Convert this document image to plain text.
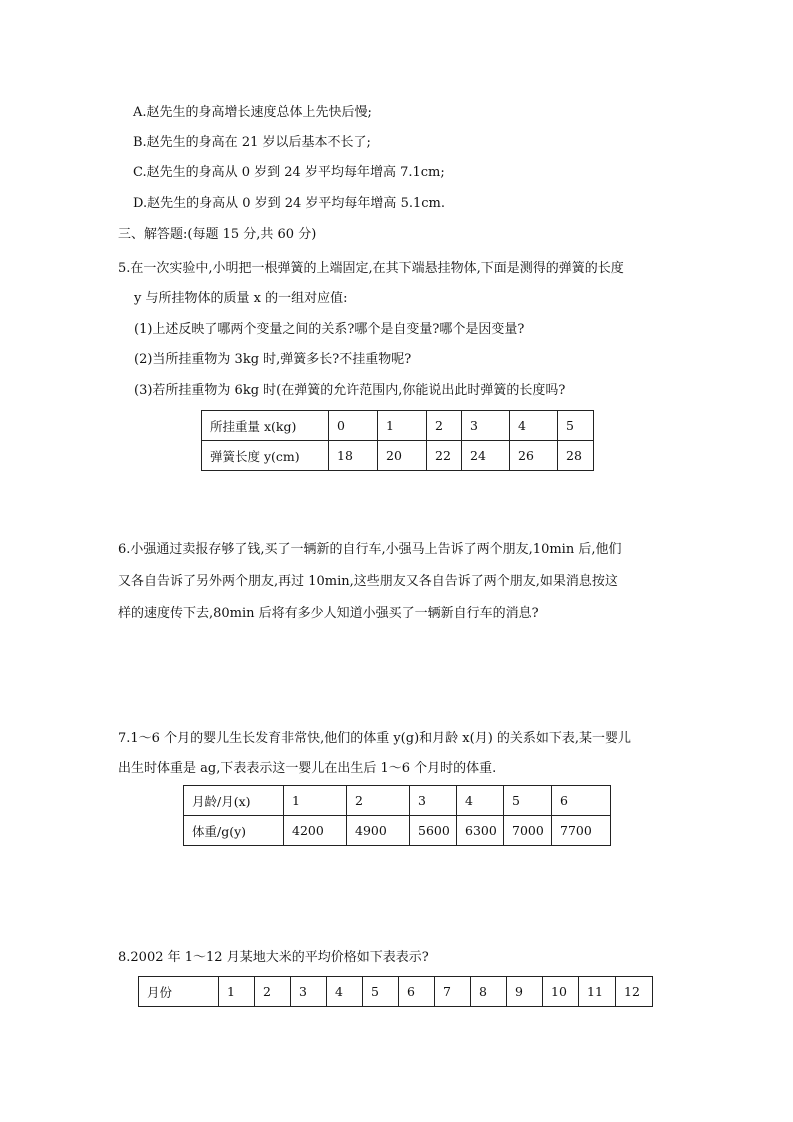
A.赵先生的身高增长速度总体上先快后慢;
B.赵先生的身高在 21 岁以后基本不长了;
C.赵先生的身高从 0 岁到 24 岁平均每年增高 7.1cm;
D.赵先生的身高从 0 岁到 24 岁平均每年增高 5.1cm.
三、解答题:(每题 15 分,共 60 分)
5.在一次实验中,小明把一根弹簧的上端固定,在其下端悬挂物体,下面是测得的弹簧的长度
y 与所挂物体的质量 x 的一组对应值:
(1)上述反映了哪两个变量之间的关系?哪个是自变量?哪个是因变量?
(2)当所挂重物为 3kg 时,弹簧多长?不挂重物呢?
(3)若所挂重物为 6kg 时(在弹簧的允许范围内,你能说出此时弹簧的长度吗?
所挂重量 x(kg)	0	1	2	3	4	5
弹簧长度 y(cm)	18	20	22	24	26	28
6.小强通过卖报存够了钱,买了一辆新的自行车,小强马上告诉了两个朋友,10min 后,他们
又各自告诉了另外两个朋友,再过 10min,这些朋友又各自告诉了两个朋友,如果消息按这
样的速度传下去,80min 后将有多少人知道小强买了一辆新自行车的消息?
7.1～6 个月的婴儿生长发育非常快,他们的体重 y(g)和月龄 x(月) 的关系如下表,某一婴儿
出生时体重是 ag,下表表示这一婴儿在出生后 1～6 个月时的体重.
月龄/月(x)	1	2	3	4	5	6
体重/g(y)	4200	4900	5600	6300	7000	7700
8.2002 年 1～12 月某地大米的平均价格如下表表示?
月份	1	2	3	4	5	6	7	8	9	10	11	12
